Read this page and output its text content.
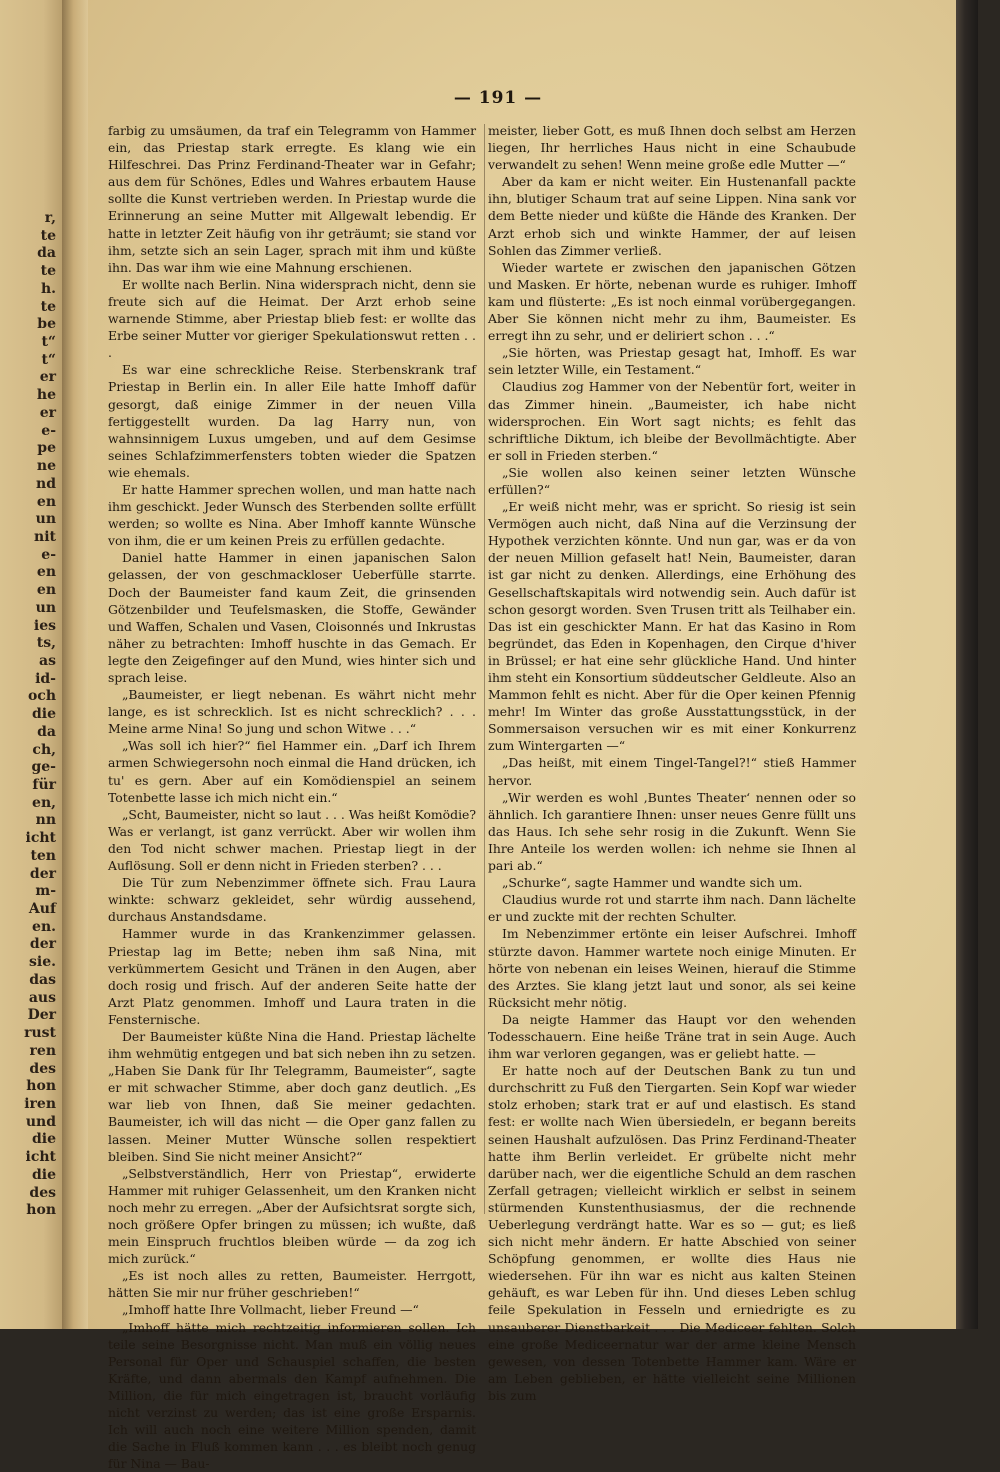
r,
te
da
te
h.
te
be
t“
t“
er
he
er
e-
pe
ne
nd
en
un
nit
e-
en
en
un
ies
ts,
as
id-
och
die
da
ch,
ge-
für
en,
nn
icht
ten
der
m-
Auf
en.
der
sie.
das
aus
Der
rust
ren
des
hon
iren
und
die
icht
die
des
hon
— 191 —

farbig zu umsäumen, da traf ein Telegramm von Hammer ein, das Priestap stark erregte. Es klang wie ein Hilfeschrei. Das Prinz Ferdinand-Theater war in Gefahr; aus dem für Schönes, Edles und Wahres erbautem Hause sollte die Kunst vertrieben werden. In Priestap wurde die Erinnerung an seine Mutter mit Allgewalt lebendig. Er hatte in letzter Zeit häufig von ihr geträumt; sie stand vor ihm, setzte sich an sein Lager, sprach mit ihm und küßte ihn. Das war ihm wie eine Mahnung erschienen.

Er wollte nach Berlin. Nina widersprach nicht, denn sie freute sich auf die Heimat. Der Arzt erhob seine warnende Stimme, aber Priestap blieb fest: er wollte das Erbe seiner Mutter vor gieriger Spekulationswut retten . . .

Es war eine schreckliche Reise. Sterbenskrank traf Priestap in Berlin ein. In aller Eile hatte Imhoff dafür gesorgt, daß einige Zimmer in der neuen Villa fertiggestellt wurden. Da lag Harry nun, von wahnsinnigem Luxus umgeben, und auf dem Gesimse seines Schlafzimmerfensters tobten wieder die Spatzen wie ehemals.

Er hatte Hammer sprechen wollen, und man hatte nach ihm geschickt. Jeder Wunsch des Sterbenden sollte erfüllt werden; so wollte es Nina. Aber Imhoff kannte Wünsche von ihm, die er um keinen Preis zu erfüllen gedachte.

Daniel hatte Hammer in einen japanischen Salon gelassen, der von geschmackloser Ueberfülle starrte. Doch der Baumeister fand kaum Zeit, die grinsenden Götzenbilder und Teufelsmasken, die Stoffe, Gewänder und Waffen, Schalen und Vasen, Cloisonnés und Inkrustas näher zu betrachten: Imhoff huschte in das Gemach. Er legte den Zeigefinger auf den Mund, wies hinter sich und sprach leise.

„Baumeister, er liegt nebenan. Es währt nicht mehr lange, es ist schrecklich. Ist es nicht schrecklich? . . . Meine arme Nina! So jung und schon Witwe . . .“

„Was soll ich hier?“ fiel Hammer ein. „Darf ich Ihrem armen Schwiegersohn noch einmal die Hand drücken, ich tu' es gern. Aber auf ein Komödienspiel an seinem Totenbette lasse ich mich nicht ein.“

„Scht, Baumeister, nicht so laut . . . Was heißt Komödie? Was er verlangt, ist ganz verrückt. Aber wir wollen ihm den Tod nicht schwer machen. Priestap liegt in der Auflösung. Soll er denn nicht in Frieden sterben? . . .

Die Tür zum Nebenzimmer öffnete sich. Frau Laura winkte: schwarz gekleidet, sehr würdig aussehend, durchaus Anstandsdame.

Hammer wurde in das Krankenzimmer gelassen. Priestap lag im Bette; neben ihm saß Nina, mit verkümmertem Gesicht und Tränen in den Augen, aber doch rosig und frisch. Auf der anderen Seite hatte der Arzt Platz genommen. Imhoff und Laura traten in die Fensternische.

Der Baumeister küßte Nina die Hand. Priestap lächelte ihm wehmütig entgegen und bat sich neben ihn zu setzen. „Haben Sie Dank für Ihr Telegramm, Baumeister“, sagte er mit schwacher Stimme, aber doch ganz deutlich. „Es war lieb von Ihnen, daß Sie meiner gedachten. Baumeister, ich will das nicht — die Oper ganz fallen zu lassen. Meiner Mutter Wünsche sollen respektiert bleiben. Sind Sie nicht meiner Ansicht?“

„Selbstverständlich, Herr von Priestap“, erwiderte Hammer mit ruhiger Gelassenheit, um den Kranken nicht noch mehr zu erregen. „Aber der Aufsichtsrat sorgte sich, noch größere Opfer bringen zu müssen; ich wußte, daß mein Einspruch fruchtlos bleiben würde — da zog ich mich zurück.“

„Es ist noch alles zu retten, Baumeister. Herrgott, hätten Sie mir nur früher geschrieben!“

„Imhoff hatte Ihre Vollmacht, lieber Freund —“

„Imhoff hätte mich rechtzeitig informieren sollen. Ich teile seine Besorgnisse nicht. Man muß ein völlig neues Personal für Oper und Schauspiel schaffen, die besten Kräfte, und dann abermals den Kampf aufnehmen. Die Million, die für mich eingetragen ist, braucht vorläufig nicht verzinst zu werden; das ist eine große Ersparnis. Ich will auch noch eine weitere Million spenden, damit die Sache in Fluß kommen kann . . . es bleibt noch genug für Nina — Bau-

meister, lieber Gott, es muß Ihnen doch selbst am Herzen liegen, Ihr herrliches Haus nicht in eine Schaubude verwandelt zu sehen! Wenn meine große edle Mutter —“

Aber da kam er nicht weiter. Ein Hustenanfall packte ihn, blutiger Schaum trat auf seine Lippen. Nina sank vor dem Bette nieder und küßte die Hände des Kranken. Der Arzt erhob sich und winkte Hammer, der auf leisen Sohlen das Zimmer verließ.

Wieder wartete er zwischen den japanischen Götzen und Masken. Er hörte, nebenan wurde es ruhiger. Imhoff kam und flüsterte: „Es ist noch einmal vorübergegangen. Aber Sie können nicht mehr zu ihm, Baumeister. Es erregt ihn zu sehr, und er deliriert schon . . .“

„Sie hörten, was Priestap gesagt hat, Imhoff. Es war sein letzter Wille, ein Testament.“

Claudius zog Hammer von der Nebentür fort, weiter in das Zimmer hinein. „Baumeister, ich habe nicht widersprochen. Ein Wort sagt nichts; es fehlt das schriftliche Diktum, ich bleibe der Bevollmächtigte. Aber er soll in Frieden sterben.“

„Sie wollen also keinen seiner letzten Wünsche erfüllen?“

„Er weiß nicht mehr, was er spricht. So riesig ist sein Vermögen auch nicht, daß Nina auf die Verzinsung der Hypothek verzichten könnte. Und nun gar, was er da von der neuen Million gefaselt hat! Nein, Baumeister, daran ist gar nicht zu denken. Allerdings, eine Erhöhung des Gesellschaftskapitals wird notwendig sein. Auch dafür ist schon gesorgt worden. Sven Trusen tritt als Teilhaber ein. Das ist ein geschickter Mann. Er hat das Kasino in Rom begründet, das Eden in Kopenhagen, den Cirque d'hiver in Brüssel; er hat eine sehr glückliche Hand. Und hinter ihm steht ein Konsortium süddeutscher Geldleute. Also an Mammon fehlt es nicht. Aber für die Oper keinen Pfennig mehr! Im Winter das große Ausstattungsstück, in der Sommersaison versuchen wir es mit einer Konkurrenz zum Wintergarten —“

„Das heißt, mit einem Tingel-Tangel?!“ stieß Hammer hervor.

„Wir werden es wohl ‚Buntes Theater‘ nennen oder so ähnlich. Ich garantiere Ihnen: unser neues Genre füllt uns das Haus. Ich sehe sehr rosig in die Zukunft. Wenn Sie Ihre Anteile los werden wollen: ich nehme sie Ihnen al pari ab.“

„Schurke“, sagte Hammer und wandte sich um.

Claudius wurde rot und starrte ihm nach. Dann lächelte er und zuckte mit der rechten Schulter.

Im Nebenzimmer ertönte ein leiser Aufschrei. Imhoff stürzte davon. Hammer wartete noch einige Minuten. Er hörte von nebenan ein leises Weinen, hierauf die Stimme des Arztes. Sie klang jetzt laut und sonor, als sei keine Rücksicht mehr nötig.

Da neigte Hammer das Haupt vor den wehenden Todesschauern. Eine heiße Träne trat in sein Auge. Auch ihm war verloren gegangen, was er geliebt hatte. —

Er hatte noch auf der Deutschen Bank zu tun und durchschritt zu Fuß den Tiergarten. Sein Kopf war wieder stolz erhoben; stark trat er auf und elastisch. Es stand fest: er wollte nach Wien übersiedeln, er begann bereits seinen Haushalt aufzulösen. Das Prinz Ferdinand-Theater hatte ihm Berlin verleidet. Er grübelte nicht mehr darüber nach, wer die eigentliche Schuld an dem raschen Zerfall getragen; vielleicht wirklich er selbst in seinem stürmenden Kunstenthusiasmus, der die rechnende Ueberlegung verdrängt hatte. War es so — gut; es ließ sich nicht mehr ändern. Er hatte Abschied von seiner Schöpfung genommen, er wollte dies Haus nie wiedersehen. Für ihn war es nicht aus kalten Steinen gehäuft, es war Leben für ihn. Und dieses Leben schlug feile Spekulation in Fesseln und erniedrigte es zu unsauberer Dienstbarkeit . . . Die Mediceer fehlten. Solch eine große Mediceernatur war der arme kleine Mensch gewesen, von dessen Totenbette Hammer kam. Wäre er am Leben geblieben, er hätte vielleicht seine Millionen bis zum
